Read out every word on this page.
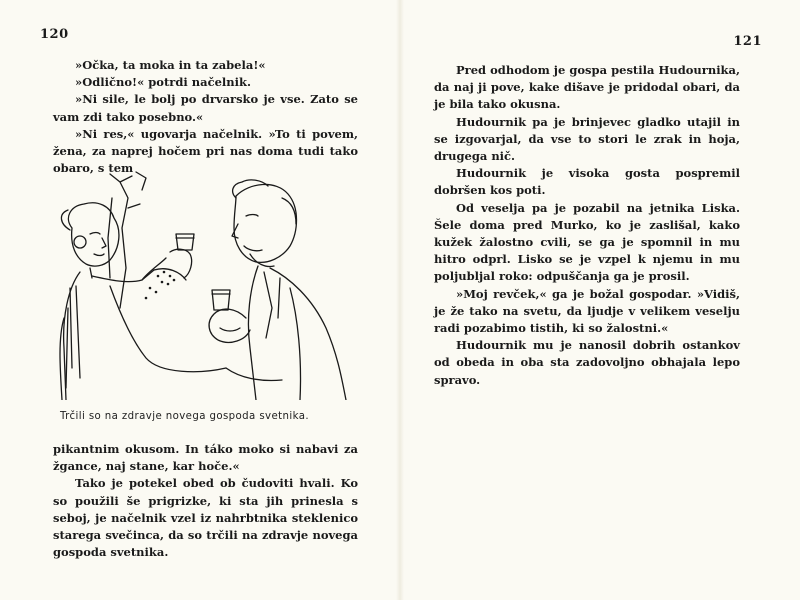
120

»Očka, ta moka in ta zabela!«

»Odlično!« potrdi načelnik.

»Ni sile, le bolj po drvarsko je vse. Zato se vam zdi tako posebno.«

»Ni res,« ugovarja načelnik. »To ti povem, žena, za naprej hočem pri nas doma tudi tako obaro, s tem

Trčili so na zdravje novega gospoda svetnika.

pikantnim okusom. In táko moko si nabavi za žgance, naj stane, kar hoče.«

Tako je potekel obed ob čudoviti hvali. Ko so použili še prigrizke, ki sta jih prinesla s seboj, je načelnik vzel iz nahrbtnika steklenico starega svečinca, da so trčili na zdravje novega gospoda svetnika.

121

Pred odhodom je gospa pestila Hudournika, da naj ji pove, kake dišave je pridodal obari, da je bila tako okusna.

Hudournik pa je brinjevec gladko utajil in se izgovarjal, da vse to stori le zrak in hoja, drugega nič.

Hudournik je visoka gosta pospremil dobršen kos poti.

Od veselja pa je pozabil na jetnika Liska. Šele doma pred Murko, ko je zaslišal, kako kužek žalostno cvili, se ga je spomnil in mu hitro odprl. Lisko se je vzpel k njemu in mu poljubljal roko: odpuščanja ga je prosil.

»Moj revček,« ga je božal gospodar. »Vidiš, je že tako na svetu, da ljudje v velikem veselju radi pozabimo tistih, ki so žalostni.«

Hudournik mu je nanosil dobrih ostankov od obeda in oba sta zadovoljno obhajala lepo spravo.
